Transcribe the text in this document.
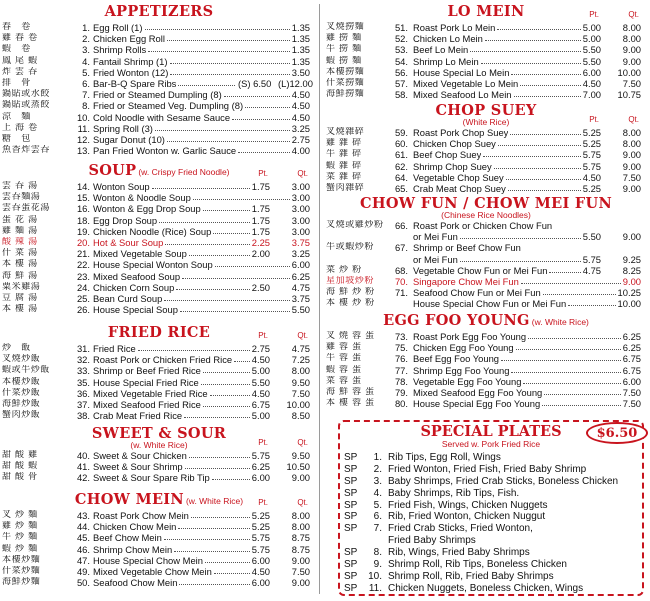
APPETIZERS
春　卷	1. Egg Roll (1)	1.35
雞 春 卷	2. Chicken Egg Roll	1.35
蝦　卷	3. Shrimp Rolls	1.35
鳳 尾 蝦	4. Fantail Shrimp (1)	1.35
炸 雲 吞	5. Fried Wonton (12)	3.50
排　骨	6. Bar-B-Q Spare Ribs	(S) 6.50 (L)12.00
鍋貼或水餃	7. Fried or Steamed Dumpling (8)	4.50
鍋貼或蒸餃	8. Fried or Steamed Veg. Dumpling (8)	4.50
涼　麵	10. Cold Noodle with Sesame Sauce	4.50
上 海 卷	11. Spring Roll (3)	3.25
糖　包	12. Sugar Donut (10)	2.75
魚香炸雲吞	13. Pan Fried Wonton w. Garlic Sauce	4.00
SOUP (w. Crispy Fried Noodle)	Pt.	Qt.
雲 吞 湯	14. Wonton Soup	1.75	3.00
雲吞麵湯	15. Wonton & Noodle Soup	3.00
雲吞蛋花湯	16. Wonton & Egg Drop Soup	1.75	3.00
蛋 花 湯	18. Egg Drop Soup	1.75	3.00
雞 麵 湯	19. Chicken Noodle (Rice) Soup	1.75	3.00
酸 辣 湯	20. Hot & Sour Soup	2.25	3.75
什 菜 湯	21. Mixed Vegetable Soup	2.00	3.25
本 樓 湯	22. House Special Wonton Soup	6.00
海 鮮 湯	23. Mixed Seafood Soup	6.25
粟米雞湯	24. Chicken Corn Soup	2.50	4.75
豆 腐 湯	25. Bean Curd Soup	3.75
本 樓 湯	26. House Special Soup	5.50
FRIED RICE	Pt.	Qt.
炒　飯	31. Fried Rice	2.75	4.75
叉燒炒飯	32. Roast Pork or Chicken Fried Rice	4.50	7.25
蝦或牛炒飯	33. Shrimp or Beef Fried Rice	5.00	8.00
本樓炒飯	35. House Special Fried Rice	5.50	9.50
什菜炒飯	36. Mixed Vegetable Fried Rice	4.50	7.50
海鮮炒飯	37. Mixed Seafood Fried Rice	6.75	10.00
蟹肉炒飯	38. Crab Meat Fried Rice	5.00	8.50
SWEET & SOUR
(w. White Rice)	Pt.	Qt.
甜 酸 雞	40. Sweet & Sour Chicken	5.75	9.50
甜 酸 蝦	41. Sweet & Sour Shrimp	6.25	10.50
甜 酸 骨	42. Sweet & Sour Spare Rib Tip	6.00	9.00
CHOW MEIN (w. White Rice)	Pt.	Qt.
叉 炒 麵	43. Roast Pork Chow Mein	5.25	8.00
雞 炒 麵	44. Chicken Chow Mein	5.25	8.00
牛 炒 麵	45. Beef Chow Mein	5.75	8.75
蝦 炒 麵	46. Shrimp Chow Mein	5.75	8.75
本樓炒麵	47. House Special Chow Mein	6.00	9.00
什菜炒麵	49. Mixed Vegetable Chow Mein	4.50	7.50
海鮮炒麵	50. Seafood Chow Mein	6.00	9.00
LO MEIN	Pt.	Qt.
叉燒撈麵	51. Roast Pork Lo Mein	5.00	8.00
雞 撈 麵	52. Chicken Lo Mein	5.00	8.00
牛 撈 麵	53. Beef Lo Mein	5.50	9.00
蝦 撈 麵	54. Shrimp Lo Mein	5.50	9.00
本樓撈麵	56. House Special Lo Mein	6.00	10.00
什菜撈麵	57. Mixed Vegetable Lo Mein	4.50	7.50
海鮮撈麵	58. Mixed Seafood Lo Mein	7.00	10.75
CHOP SUEY
(White Rice)	Pt.	Qt.
叉燒雜碎	59. Roast Pork Chop Suey	5.25	8.00
雞 雜 碎	60. Chicken Chop Suey	5.25	8.00
牛 雜 碎	61. Beef Chop Suey	5.75	9.00
蝦 雜 碎	62. Shrimp Chop Suey	5.75	9.00
菜 雜 碎	64. Vegetable Chop Suey	4.50	7.50
蟹肉雜碎	65. Crab Meat Chop Suey	5.25	9.00
CHOW FUN / CHOW MEI FUN
(Chinese Rice Noodles)
叉燒或雞炒粉	66. Roast Pork or Chicken Chow Fun
or Mei Fun	5.50	9.00
牛或蝦炒粉	67. Shrimp or Beef Chow Fun
or Mei Fun	5.75	9.25
菜 炒 粉	68. Vegetable Chow Fun or Mei Fun	4.75	8.25
星加坡炒粉	70. Singapore Chow Mei Fun	9.00
海 鮮 炒 粉	71. Seafood Chow Fun or Mei Fun	10.25
本 樓 炒 粉	House Special Chow Fun or Mei Fun	10.00
EGG FOO YOUNG (w. White Rice)
叉 燒 蓉 蛋	73. Roast Pork Egg Foo Young	6.25
雞 蓉 蛋	75. Chicken Egg Foo Young	6.25
牛 蓉 蛋	76. Beef Egg Foo Young	6.75
蝦 蓉 蛋	77. Shrimp Egg Foo Young	6.75
菜 蓉 蛋	78. Vegetable Egg Foo Young	6.00
海 鮮 蓉 蛋	79. Mixed Seafood Egg Foo Young	7.50
本 樓 蓉 蛋	80. House Special Egg Foo Young	7.50
SPECIAL PLATES
Served w. Pork Fried Rice
$6.50
SP	1. Rib Tips, Egg Roll, Wings
SP	2. Fried Wonton, Fried Fish, Fried Baby Shrimp
SP	3. Baby Shrimps, Fried Crab Sticks, Boneless Chicken
SP	4. Baby Shrimps, Rib Tips, Fish.
SP	5. Fried Fish, Wings, Chicken Nuggets
SP	6. Rib, Fried Wonton, Chicken Nuggut
SP	7. Fried Crab Sticks, Fried Wonton,
Fried Baby Shrimps
SP	8. Rib, Wings, Fried Baby Shrimps
SP	9. Shrimp Roll, Rib Tips, Boneless Chicken
SP	10. Shrimp Roll, Rib, Fried Baby Shrimps
SP	11. Chicken Nuggets, Boneless Chicken, Wings
